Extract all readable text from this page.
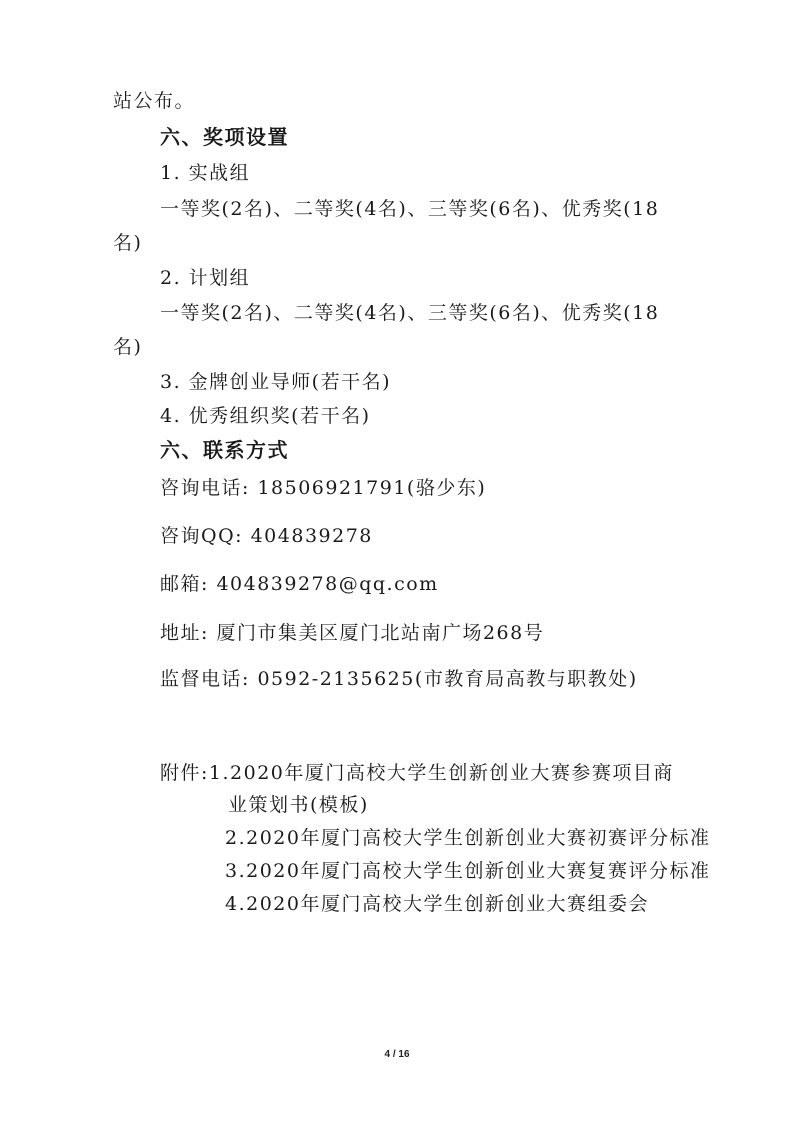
站公布。
六、奖项设置
1. 实战组
一等奖(2名)、二等奖(4名)、三等奖(6名)、优秀奖(18
名)
2. 计划组
一等奖(2名)、二等奖(4名)、三等奖(6名)、优秀奖(18
名)
3. 金牌创业导师(若干名)
4. 优秀组织奖(若干名)
六、联系方式
咨询电话: 18506921791(骆少东)
咨询QQ: 404839278
邮箱: 404839278@qq.com
地址: 厦门市集美区厦门北站南广场268号
监督电话: 0592-2135625(市教育局高教与职教处)
附件:1.2020年厦门高校大学生创新创业大赛参赛项目商
业策划书(模板)
2.2020年厦门高校大学生创新创业大赛初赛评分标准
3.2020年厦门高校大学生创新创业大赛复赛评分标准
4.2020年厦门高校大学生创新创业大赛组委会
4 / 16
